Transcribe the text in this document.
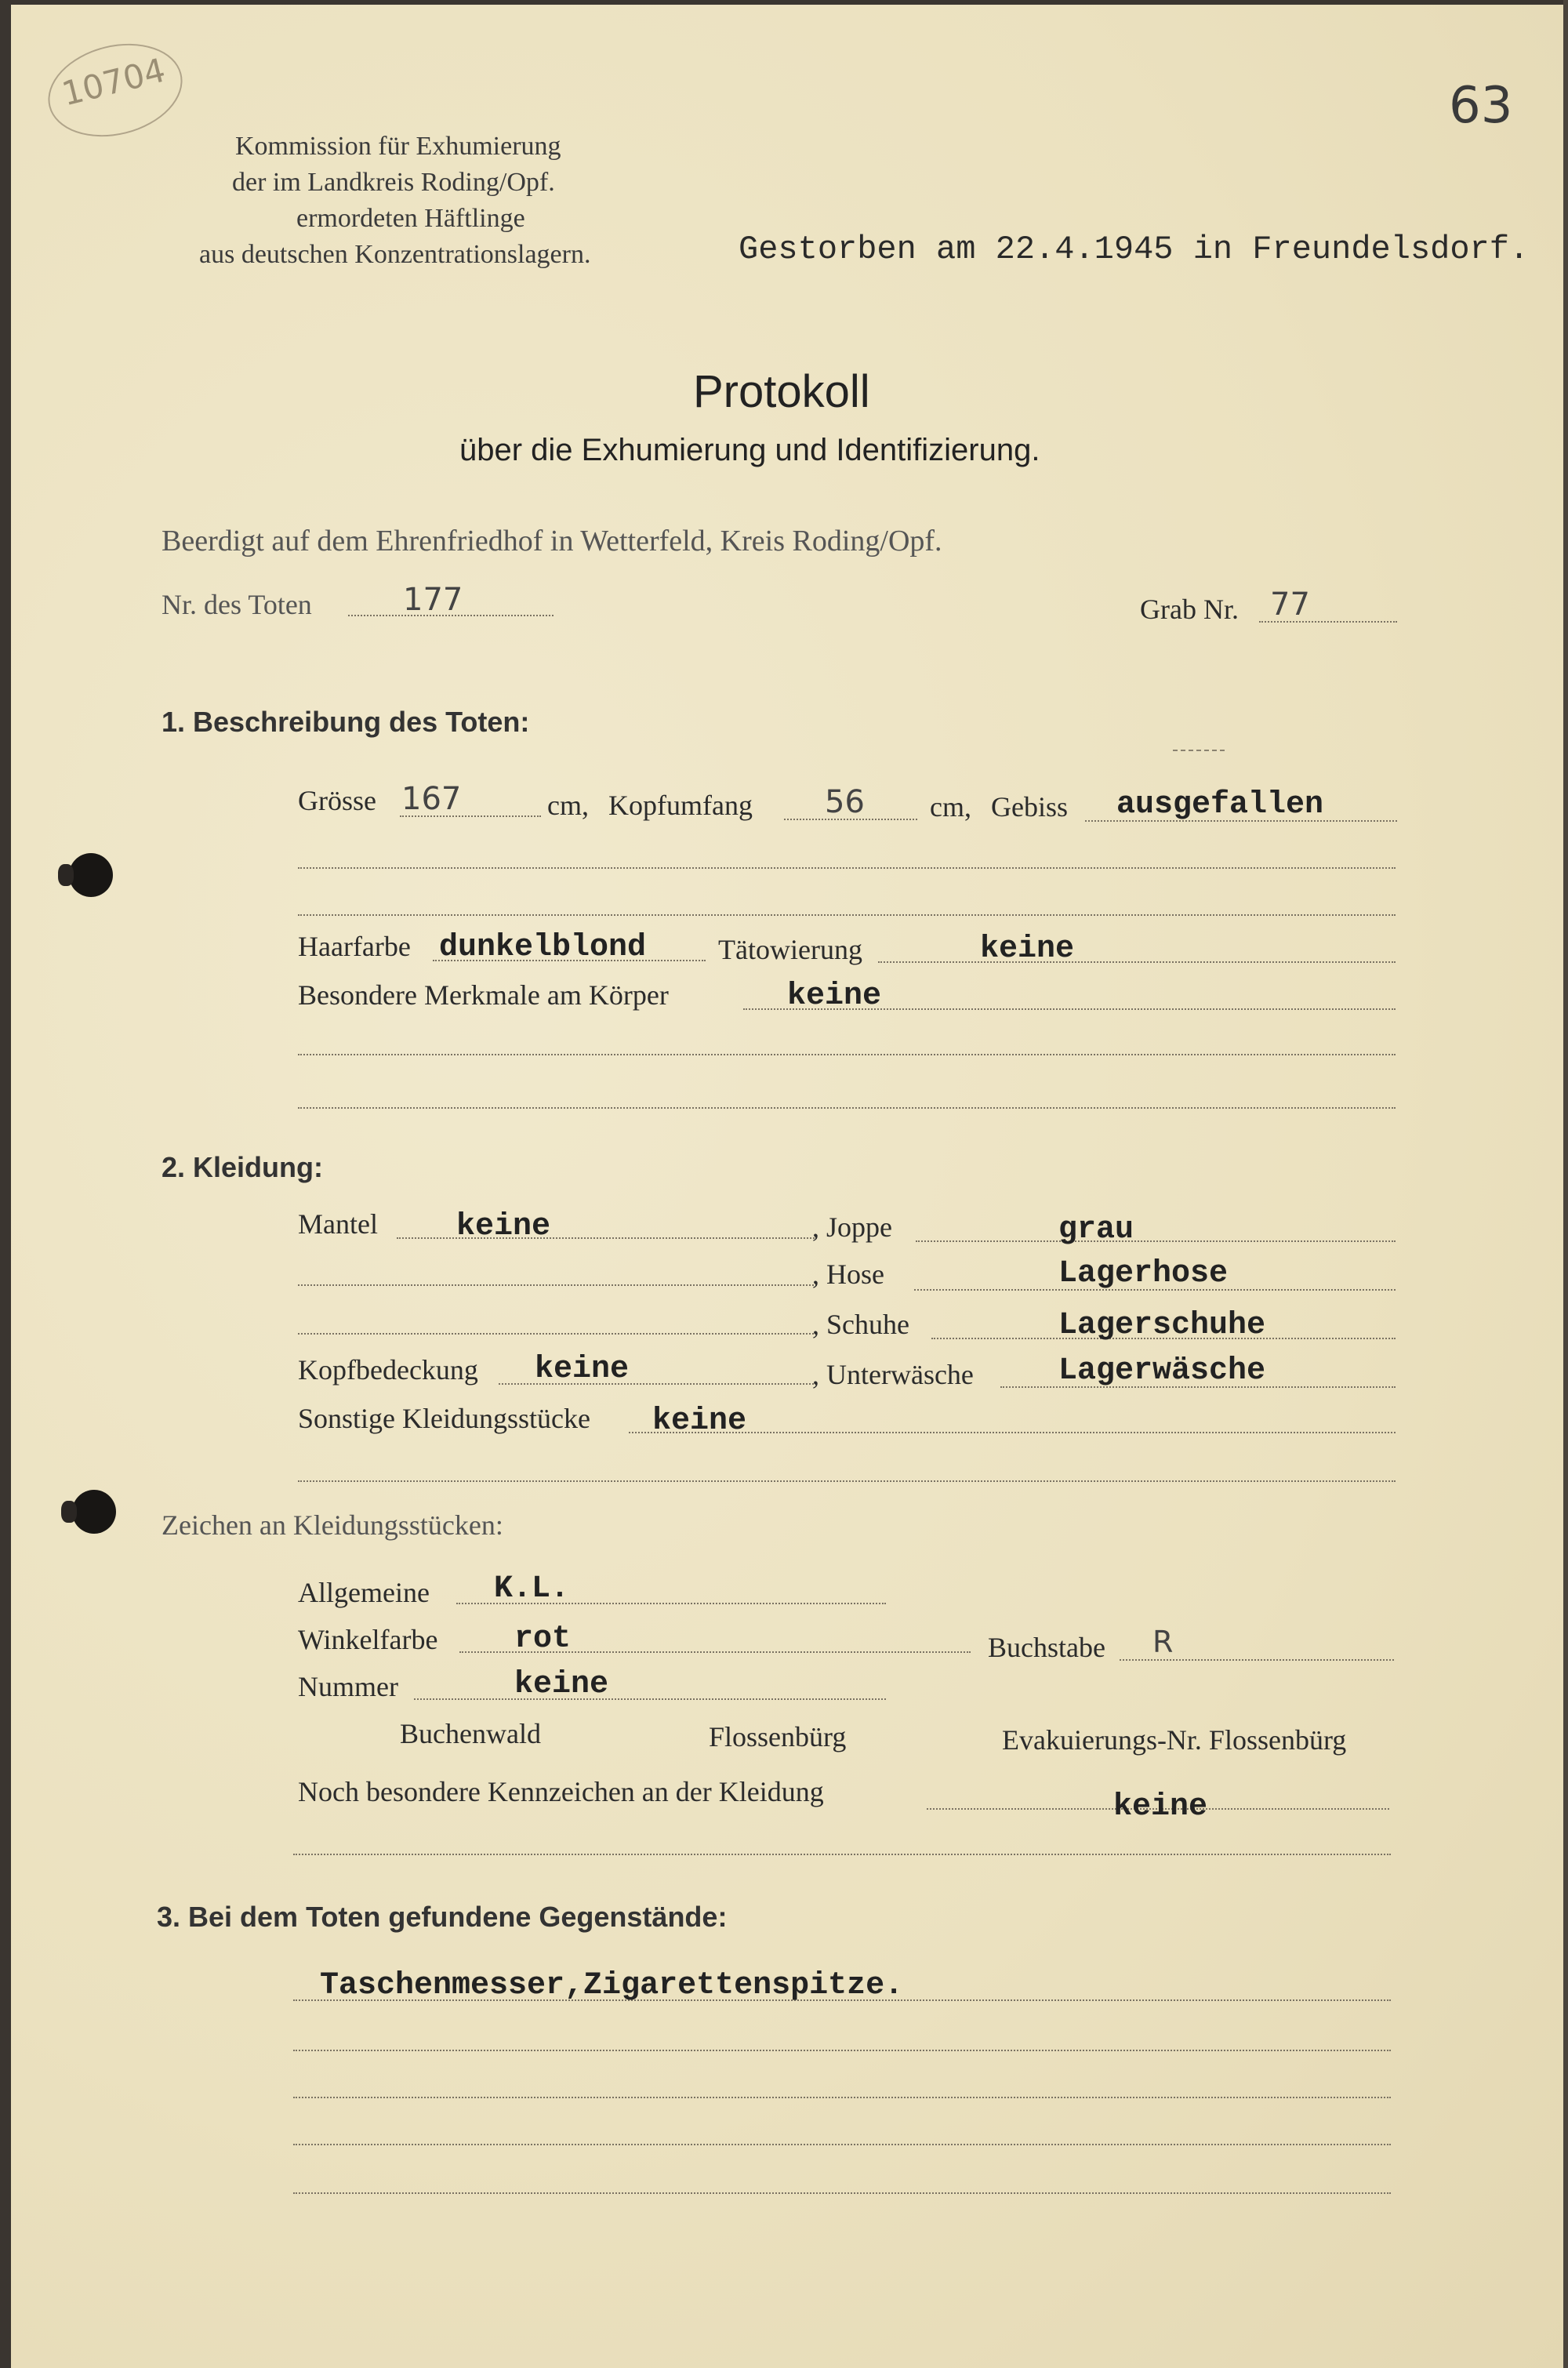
10704	63
Kommission für Exhumierung
der im Landkreis Roding/Opf.
ermordeten Häftlinge
aus deutschen Konzentrationslagern.	Gestorben am 22.4.1945 in Freundelsdorf.
Protokoll
über die Exhumierung und Identifizierung.
Beerdigt auf dem Ehrenfriedhof in Wetterfeld, Kreis Roding/Opf.
Nr. des Toten	177	Grab Nr. 77
1. Beschreibung des Toten:
Grösse 167	cm, Kopfumfang 56 cm, Gebiss ausgefallen
Haarfarbe dunkelblond	Tätowierung	keine
Besondere Merkmale am Körper	keine
2. Kleidung:
Mantel	keine	, Joppe	grau
, Hose	Lagerhose
, Schuhe	Lagerschuhe
Kopfbedeckung keine	, Unterwäsche	Lagerwäsche
Sonstige Kleidungsstücke keine
Zeichen an Kleidungsstücken:
Allgemeine K.L.
Winkelfarbe rot	Buchstabe R
Nummer	keine
Buchenwald	Flossenbürg	Evakuierungs-Nr. Flossenbürg
Noch besondere Kennzeichen an der Kleidung	keine
3. Bei dem Toten gefundene Gegenstände:
Taschenmesser,Zigarettenspitze.
